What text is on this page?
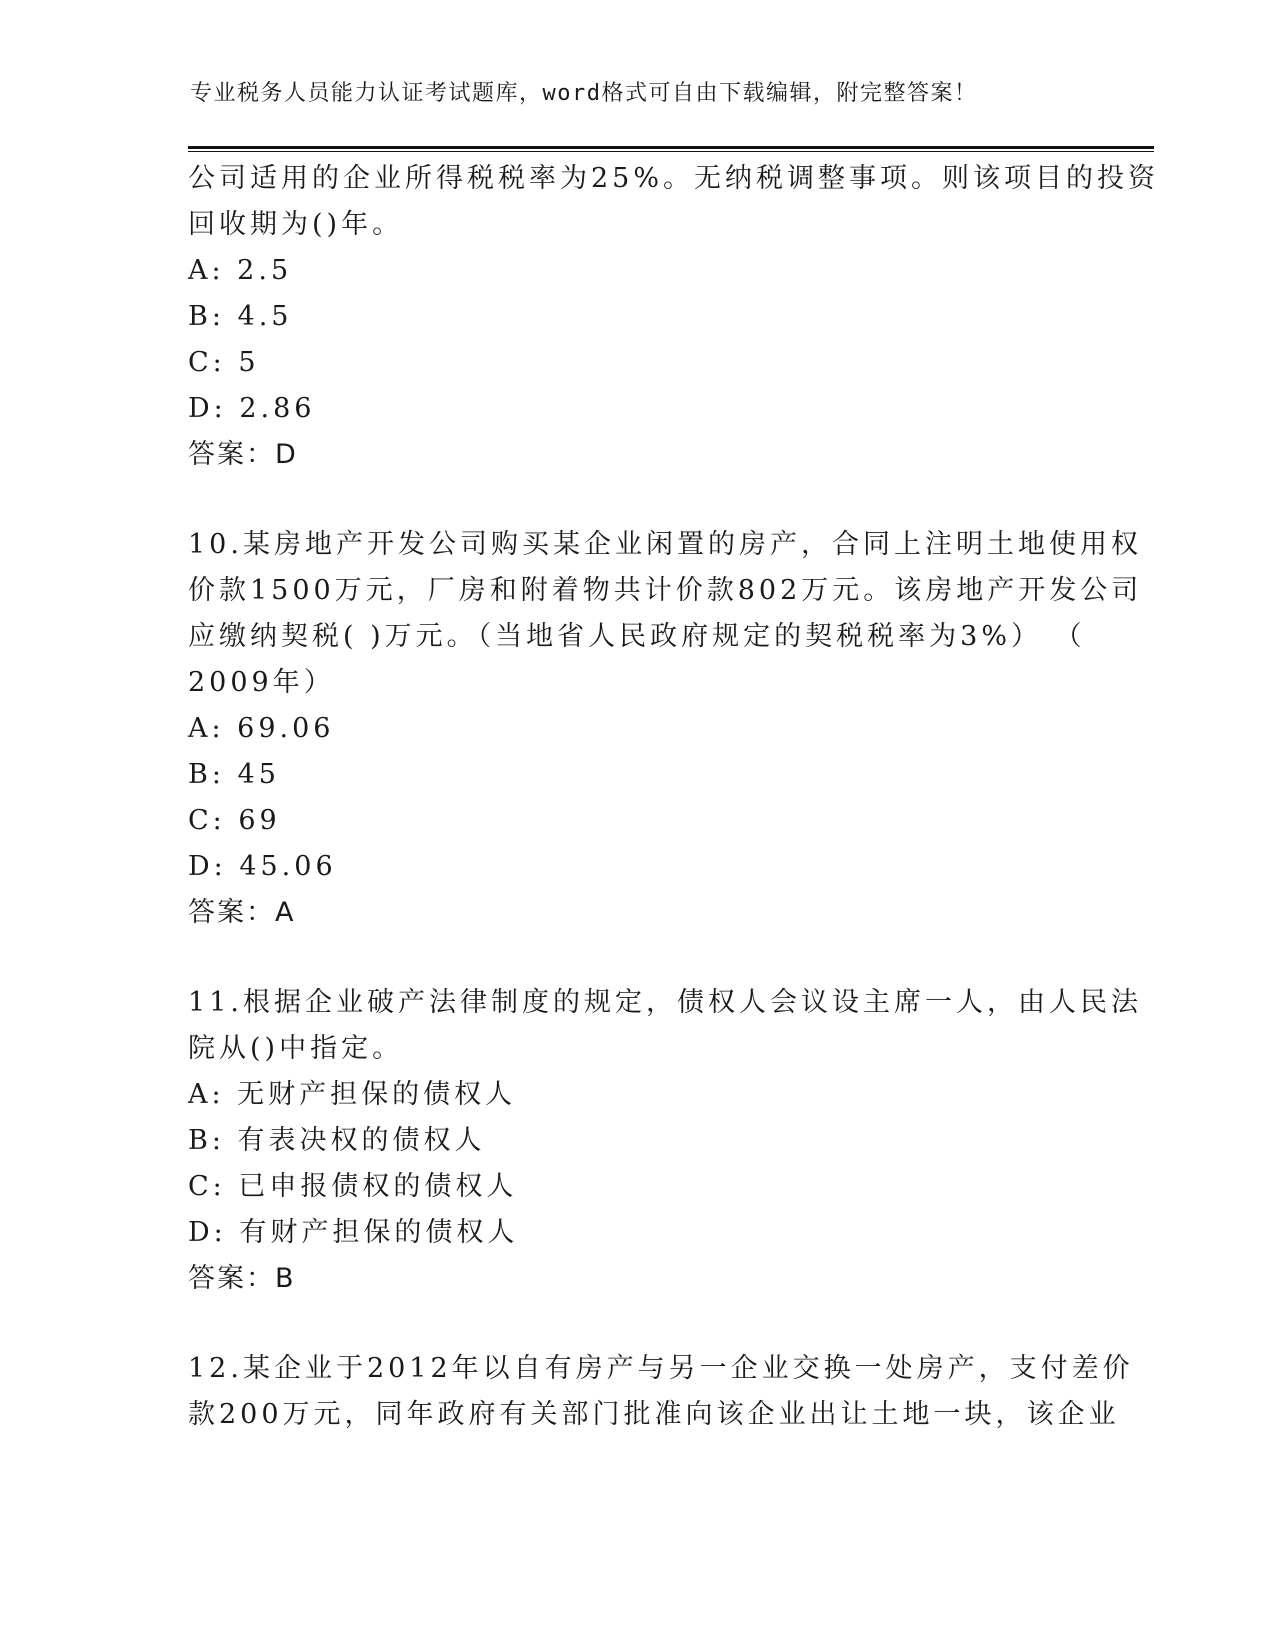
专业税务人员能力认证考试题库，word格式可自由下载编辑，附完整答案！
公司适用的企业所得税税率为25%。无纳税调整事项。则该项目的投资
回收期为()年。
A: 2.5
B: 4.5
C: 5
D: 2.86
答案：D
10.某房地产开发公司购买某企业闲置的房产，合同上注明土地使用权
价款1500万元，厂房和附着物共计价款802万元。该房地产开发公司
应缴纳契税( )万元。（当地省人民政府规定的契税税率为3%） （
2009年）
A: 69.06
B: 45
C: 69
D: 45.06
答案：A
11.根据企业破产法律制度的规定，债权人会议设主席一人，由人民法
院从()中指定。
A: 无财产担保的债权人
B: 有表决权的债权人
C: 已申报债权的债权人
D: 有财产担保的债权人
答案：B
12.某企业于2012年以自有房产与另一企业交换一处房产，支付差价
款200万元，同年政府有关部门批准向该企业出让土地一块，该企业
